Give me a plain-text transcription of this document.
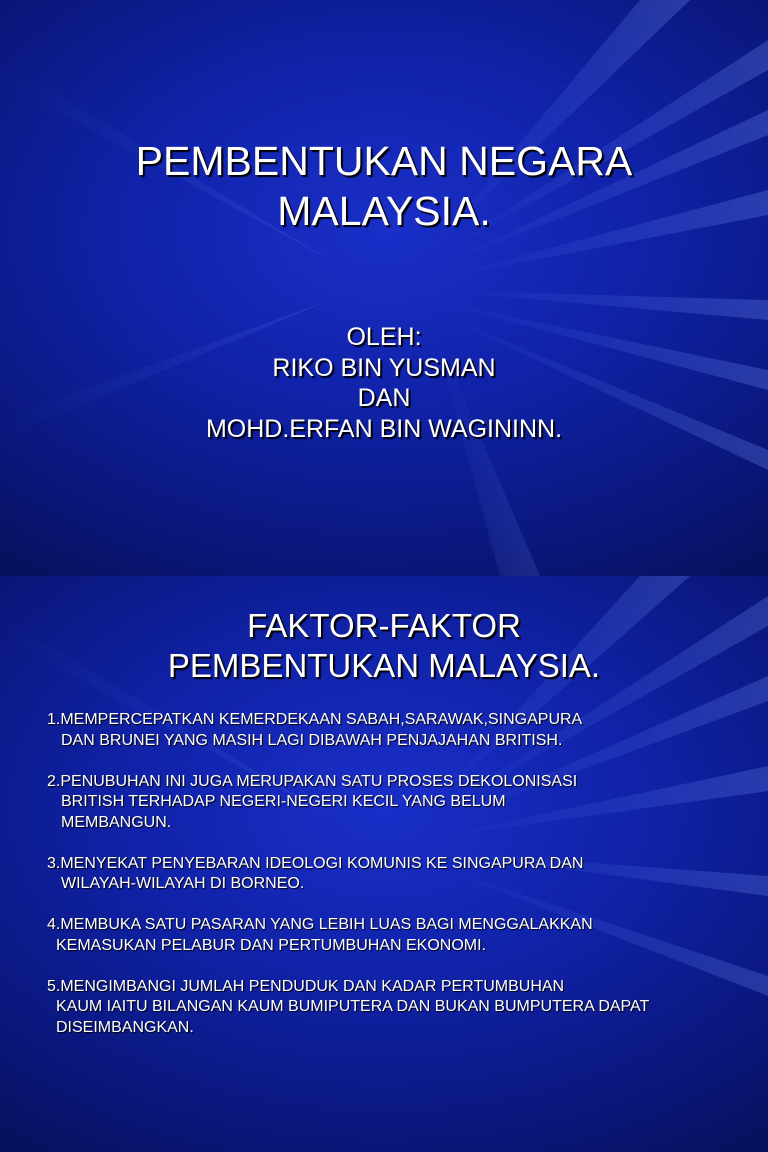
PEMBENTUKAN NEGARA
MALAYSIA.
OLEH:
RIKO BIN YUSMAN
DAN
MOHD.ERFAN BIN WAGININN.
FAKTOR-FAKTOR
PEMBENTUKAN MALAYSIA.
1.MEMPERCEPATKAN KEMERDEKAAN SABAH,SARAWAK,SINGAPURA
DAN BRUNEI YANG MASIH LAGI DIBAWAH PENJAJAHAN BRITISH.
2.PENUBUHAN INI JUGA MERUPAKAN SATU PROSES DEKOLONISASI
BRITISH TERHADAP NEGERI-NEGERI KECIL YANG BELUM
MEMBANGUN.
3.MENYEKAT PENYEBARAN IDEOLOGI KOMUNIS KE SINGAPURA DAN
WILAYAH-WILAYAH DI BORNEO.
4.MEMBUKA SATU PASARAN YANG LEBIH LUAS BAGI MENGGALAKKAN
KEMASUKAN PELABUR DAN PERTUMBUHAN EKONOMI.
5.MENGIMBANGI JUMLAH PENDUDUK DAN KADAR PERTUMBUHAN
KAUM IAITU BILANGAN KAUM BUMIPUTERA DAN BUKAN BUMPUTERA DAPAT
DISEIMBANGKAN.
